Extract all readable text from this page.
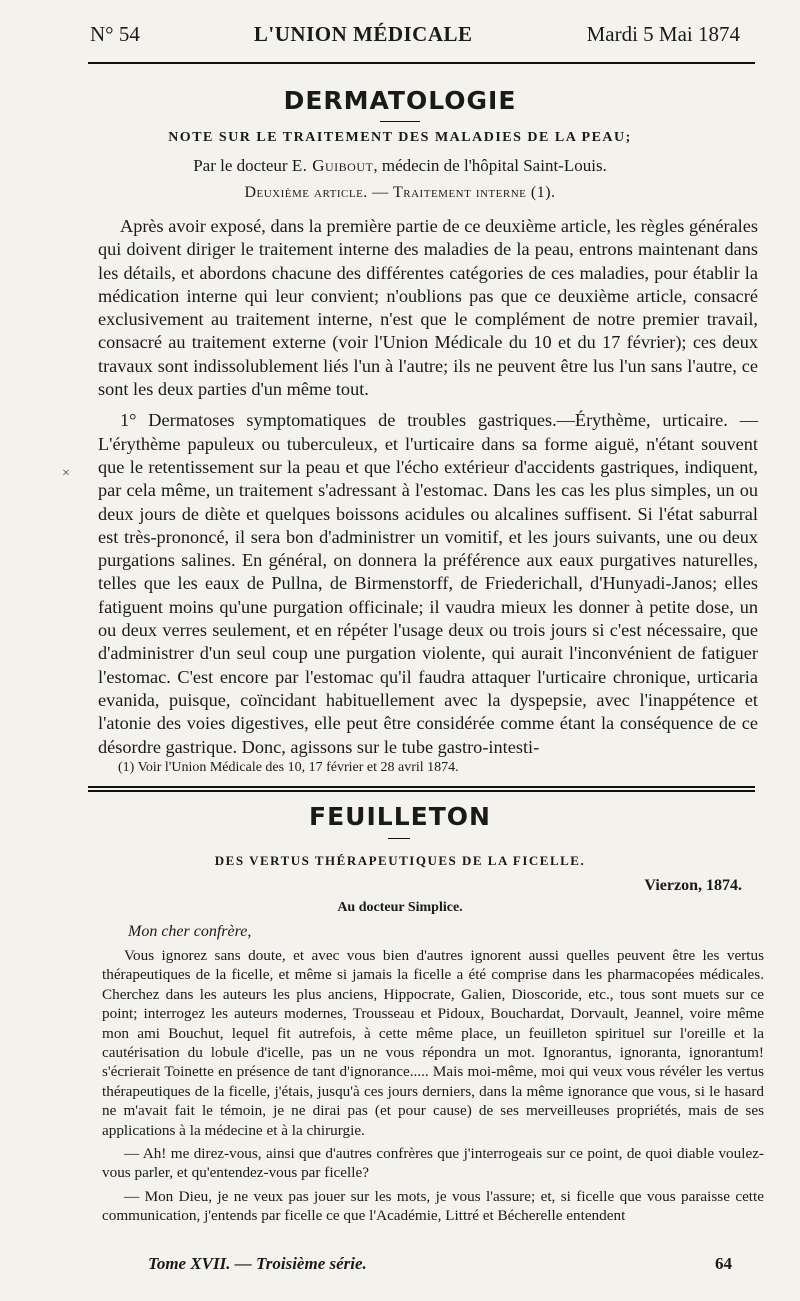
N° 54	L'UNION MÉDICALE	Mardi 5 Mai 1874
DERMATOLOGIE
NOTE SUR LE TRAITEMENT DES MALADIES DE LA PEAU;
Par le docteur E. Guibout, médecin de l'hôpital Saint-Louis.
Deuxième article. — Traitement interne (1).

Après avoir exposé, dans la première partie de ce deuxième article, les règles générales qui doivent diriger le traitement interne des maladies de la peau, entrons maintenant dans les détails, et abordons chacune des différentes catégories de ces maladies, pour établir la médication interne qui leur convient; n'oublions pas que ce deuxième article, consacré exclusivement au traitement interne, n'est que le complément de notre premier travail, consacré au traitement externe (voir l'Union Médicale du 10 et du 17 février); ces deux travaux sont indissolublement liés l'un à l'autre; ils ne peuvent être lus l'un sans l'autre, ce sont les deux parties d'un même tout.

1° Dermatoses symptomatiques de troubles gastriques.—Érythème, urticaire. — L'érythème papuleux ou tuberculeux, et l'urticaire dans sa forme aiguë, n'étant souvent que le retentissement sur la peau et que l'écho extérieur d'accidents gastriques, indiquent, par cela même, un traitement s'adressant à l'estomac. Dans les cas les plus simples, un ou deux jours de diète et quelques boissons acidules ou alcalines suffisent. Si l'état saburral est très-prononcé, il sera bon d'administrer un vomitif, et les jours suivants, une ou deux purgations salines. En général, on donnera la préférence aux eaux purgatives naturelles, telles que les eaux de Pullna, de Birmenstorff, de Friederichall, d'Hunyadi-Janos; elles fatiguent moins qu'une purgation officinale; il vaudra mieux les donner à petite dose, un ou deux verres seulement, et en répéter l'usage deux ou trois jours si c'est nécessaire, que d'administrer d'un seul coup une purgation violente, qui aurait l'inconvénient de fatiguer l'estomac. C'est encore par l'estomac qu'il faudra attaquer l'urticaire chronique, urticaria evanida, puisque, coïncidant habituellement avec la dyspepsie, avec l'inappétence et l'atonie des voies digestives, elle peut être considérée comme étant la conséquence de ce désordre gastrique. Donc, agissons sur le tube gastro-intesti-

×
(1) Voir l'Union Médicale des 10, 17 février et 28 avril 1874.
FEUILLETON
DES VERTUS THÉRAPEUTIQUES DE LA FICELLE.
Vierzon, 1874.
Au docteur Simplice.
Mon cher confrère,

Vous ignorez sans doute, et avec vous bien d'autres ignorent aussi quelles peuvent être les vertus thérapeutiques de la ficelle, et même si jamais la ficelle a été comprise dans les pharmacopées médicales. Cherchez dans les auteurs les plus anciens, Hippocrate, Galien, Dioscoride, etc., tous sont muets sur ce point; interrogez les auteurs modernes, Trousseau et Pidoux, Bouchardat, Dorvault, Jeannel, voire même mon ami Bouchut, lequel fit autrefois, à cette même place, un feuilleton spirituel sur l'oreille et la cautérisation du lobule d'icelle, pas un ne vous répondra un mot. Ignorantus, ignoranta, ignorantum! s'écrierait Toinette en présence de tant d'ignorance..... Mais moi-même, moi qui veux vous révéler les vertus thérapeutiques de la ficelle, j'étais, jusqu'à ces jours derniers, dans la même ignorance que vous, si le hasard ne m'avait fait le témoin, je ne dirai pas (et pour cause) de ses merveilleuses propriétés, mais de ses applications à la médecine et à la chirurgie.

— Ah! me direz-vous, ainsi que d'autres confrères que j'interrogeais sur ce point, de quoi diable voulez-vous parler, et qu'entendez-vous par ficelle?

— Mon Dieu, je ne veux pas jouer sur les mots, je vous l'assure; et, si ficelle que vous paraisse cette communication, j'entends par ficelle ce que l'Académie, Littré et Bécherelle entendent

Tome XVII. — Troisième série.	64
